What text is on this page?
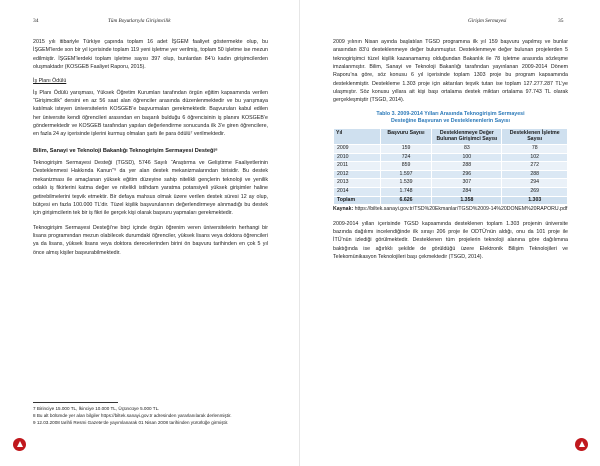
34	Tüm Boyutlarıyla Girişimcilik

2015 yılı itibariyle Türkiye çapında toplam 16 adet İŞGEM faaliyet göstermekte olup, bu İŞGEM’lerde son bir yıl içerisinde toplam 119 yeni işletme yer verilmiş, toplam 50 işletme ise mezun edilmiştir. İŞGEM’lerdeki toplam işletme sayısı 397 olup, bunlardan 84’ü kadın girişimcilerden oluşmaktadır (KOSGEB Faaliyet Raporu, 2015).

İş Planı Ödülü

İş Planı Ödülü yarışması, Yüksek Öğretim Kurumları tarafından örgün eğitim kapsamında verilen “Girişimcilik” dersini en az 56 saat alan öğrenciler arasında düzenlenmektedir ve bu yarışmaya katılmak isteyen üniversitelerin KOSGEB’e başvurmaları gerekmektedir. Başvuruları kabul edilen her üniversite kendi öğrencileri arasından en başarılı bulduğu 6 öğrencisinin iş planını KOSGEB’e göndermektedir ve KOSGEB tarafından yapılan değerlendirme sonucunda ilk 3’e giren öğrencilere, en fazla 24 ay içerisinde işlerini kurmuş olmaları şartı ile para ödülü⁷ verilmektedir.

Bilim, Sanayi ve Teknoloji Bakanlığı Teknogirişim Sermayesi Desteği⁸

Teknogirişim Sermayesi Desteği (TGSD), 5746 Sayılı “Araştırma ve Geliştirme Faaliyetlerinin Desteklenmesi Hakkında Kanun”⁹ da yer alan destek mekanizmalarından birisidir. Bu destek mekanizması ile amaçlanan yüksek eğitim düzeyine sahip nitelikli gençlerin teknoloji ve yenilik odaklı iş fikirlerini katma değer ve nitelikli istihdam yaratma potansiyeli yüksek girişimler haline getirebilmelerini teşvik etmektir. Bir defaya mahsus olmak üzere verilen destek süresi 12 ay olup, bütçesi en fazla 100.000 TL’dir. Tüzel kişilik başvurularının değerlendirmeye alınmadığı bu destek için girişimcilerin tek bir iş fikri ile gerçek kişi olarak başvuru yapmaları gerekmektedir.

Teknogirişim Sermayesi Desteği’ne birçi içinde örgün öğrenim veren üniversitelerin herhangi bir lisans programından mezun olabilecek durumdaki öğrenciler, yüksek lisans veya doktora öğrencileri ya da lisans, yüksek lisans veya doktora derecelerinden birini ön başvuru tarihinden en çok 5 yıl önce almış kişiler başvurabilmektedir.

7 Birinciye 15.000 TL, İkinciye 10.000 TL, Üçüncüye 5.000 TL.
8 Bu alt bölümde yer alan bilgiler https://biltek.sanayi.gov.tr adresinden yararlanılarak derlenmiştir.
9 12.03.2008 tarihli Resmi Gazete’de yayımlanarak 01 Nisan 2008 tarihinden yürürlüğe girmiştir.
Girişim Sermayesi	35

2009 yılının Nisan ayında başlatılan TGSD programına ilk yıl 159 başvuru yapılmış ve bunlar arasından 83’ü desteklenmeye değer bulunmuştur. Desteklenmeye değer bulunan projelerden 5 teknogirişimci tüzel kişilik kazanamamış olduğundan Bakanlık ile 78 işletme arasında sözleşme imzalanmıştır. Bilim, Sanayi ve Teknoloji Bakanlığı tarafından yayınlanan 2009-2014 Dönem Raporu’na göre, söz konusu 6 yıl içerisinde toplam 1303 proje bu program kapsamında desteklenmiştir. Destekleme 1.303 proje için aktarılan teşvik tutarı ise toplam 127.277.287 TL’ye ulaşmıştır. Söz konusu yıllara ait kişi başı ortalama destek miktarı ortalama 97.743 TL olarak gerçekleşmiştir (TSGD, 2014).

Tablo 3. 2009-2014 Yılları Arasında Teknogirişim Sermayesi
Desteğine Başvuran ve Desteklenenlerin Sayısı
Yıl	Başvuru Sayısı	Desteklenmeye Değer Bulunan Girişimci Sayısı	Desteklenen İşletme Sayısı
2009	159	83	78
2010	724	100	102
2011	859	288	272
2012	1.597	296	288
2013	1.539	307	294
2014	1.748	284	269
Toplam	6.626	1.358	1.303
Kaynak: https://biltek.sanayi.gov.tr/TSD%20Ekmanlar/TGSD%2009-14%20DONEM%20RAPORU.pdf

2009-2014 yılları içerisinde TGSD kapsamında desteklenen toplam 1.303 projenin üniversite bazında dağılımı incelendiğinde ilk sırayı 206 proje ile ODTÜ’nün aldığı, onu da 101 proje ile İTÜ’nün izlediği görülmektedir. Desteklenen tüm projelerin teknoloji alanına göre dağılımına baktığında ise ağırlıklı şekilde de görüldüğü üzere Elektronik Bilişim Teknolojileri ve Telekomünikasyon Teknolojileri başı çekmektedir (TSGD, 2014).
